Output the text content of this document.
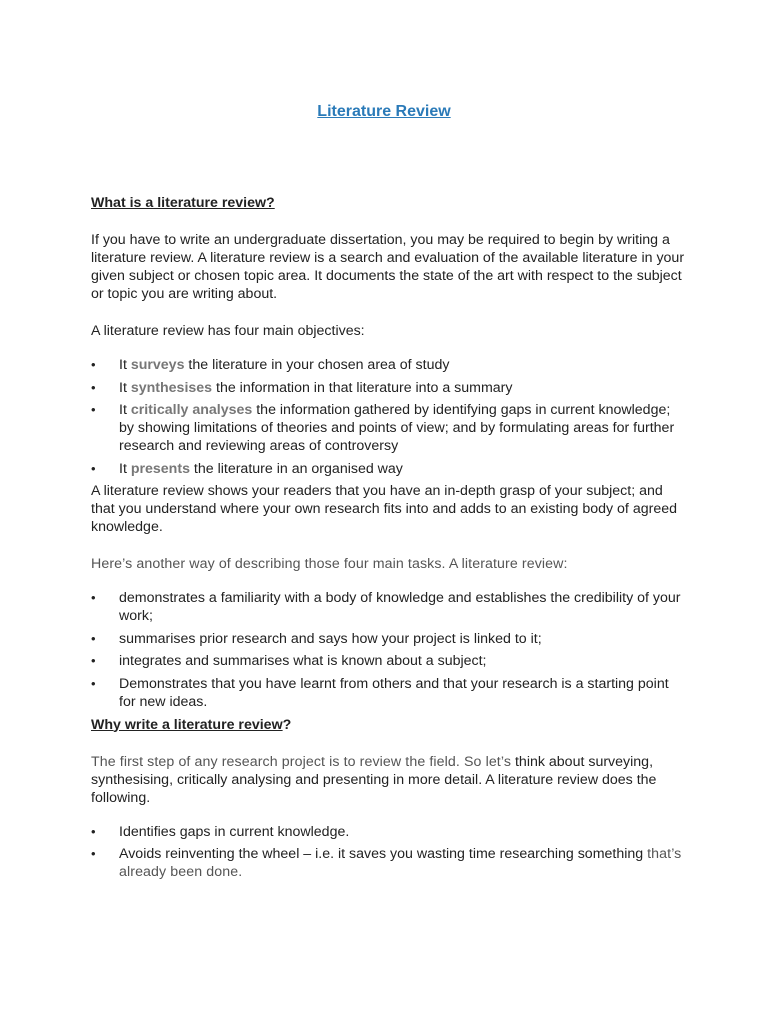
Literature Review
What is a literature review?

If you have to write an undergraduate dissertation, you may be required to begin by writing a literature review. A literature review is a search and evaluation of the available literature in your given subject or chosen topic area. It documents the state of the art with respect to the subject or topic you are writing about.

A literature review has four main objectives:

• It surveys the literature in your chosen area of study
• It synthesises the information in that literature into a summary
• It critically analyses the information gathered by identifying gaps in current knowledge; by showing limitations of theories and points of view; and by formulating areas for further research and reviewing areas of controversy
• It presents the literature in an organised way

A literature review shows your readers that you have an in-depth grasp of your subject; and that you understand where your own research fits into and adds to an existing body of agreed knowledge.

Here’s another way of describing those four main tasks. A literature review:

• demonstrates a familiarity with a body of knowledge and establishes the credibility of your work;
• summarises prior research and says how your project is linked to it;
• integrates and summarises what is known about a subject;
• Demonstrates that you have learnt from others and that your research is a starting point for new ideas.
Why write a literature review?

The first step of any research project is to review the field. So let’s think about surveying, synthesising, critically analysing and presenting in more detail. A literature review does the following.

• Identifies gaps in current knowledge.
• Avoids reinventing the wheel – i.e. it saves you wasting time researching something that’s already been done.
